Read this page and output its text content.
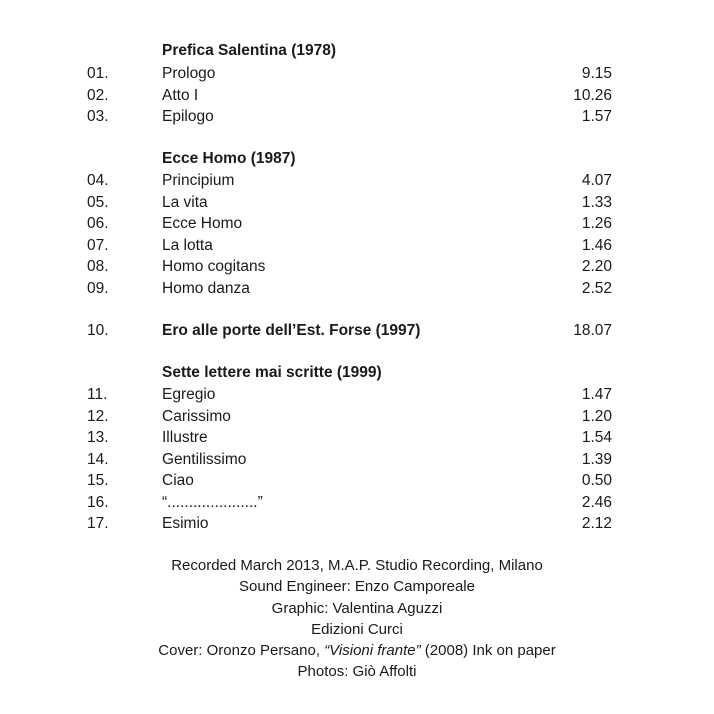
Prefica Salentina (1978)
01.	Prologo	9.15
02.	Atto I	10.26
03.	Epilogo	1.57
Ecce Homo (1987)
04.	Principium	4.07
05.	La vita	1.33
06.	Ecce Homo	1.26
07.	La lotta	1.46
08.	Homo cogitans	2.20
09.	Homo danza	2.52
10.	Ero alle porte dell’Est. Forse (1997)	18.07
Sette lettere mai scritte (1999)
11.	Egregio	1.47
12.	Carissimo	1.20
13.	Illustre	1.54
14.	Gentilissimo	1.39
15.	Ciao	0.50
16.	“.....................”	2.46
17.	Esimio	2.12
Recorded March 2013, M.A.P. Studio Recording, Milano
Sound Engineer: Enzo Camporeale
Graphic: Valentina Aguzzi
Edizioni Curci
Cover: Oronzo Persano, “Visioni frante” (2008) Ink on paper
Photos: Giò Affolti
